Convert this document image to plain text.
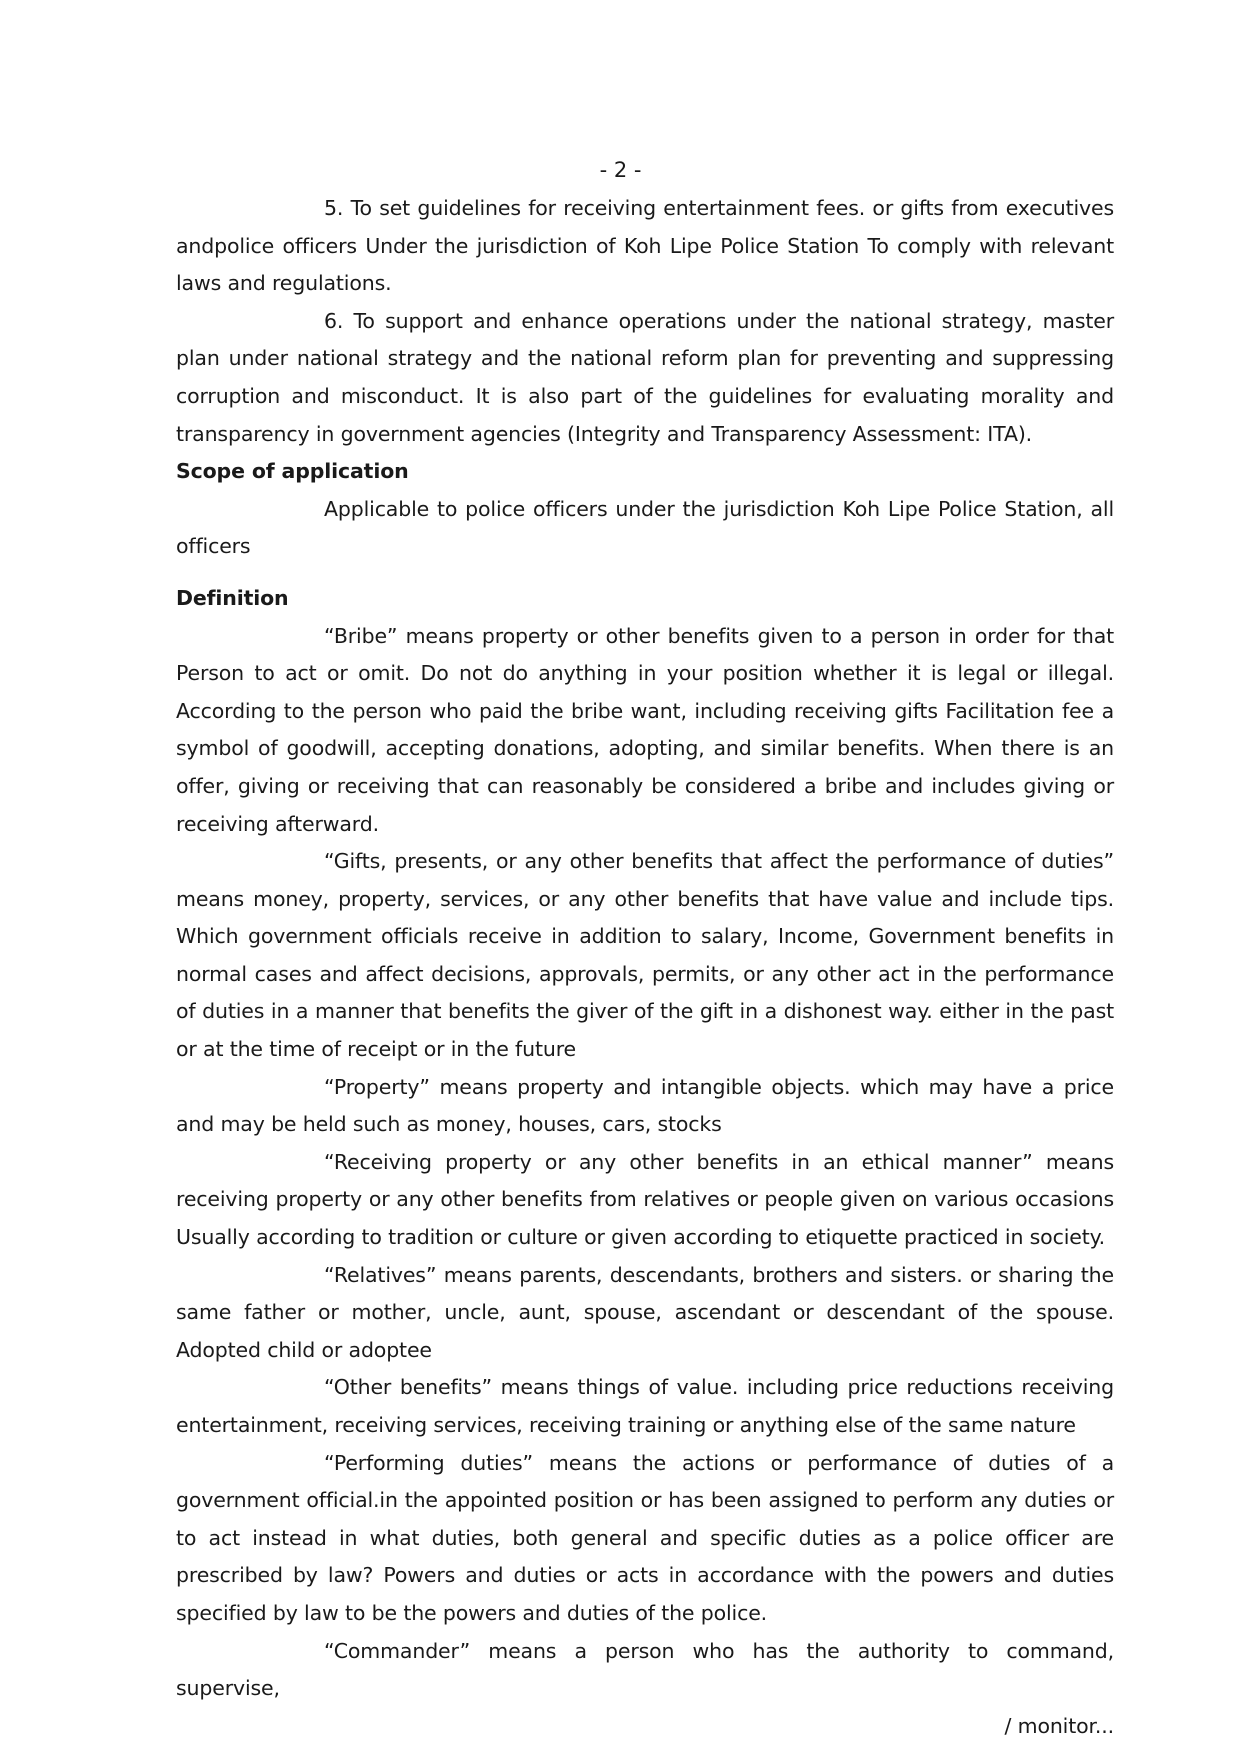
- 2 -

5. To set guidelines for receiving entertainment fees. or gifts from executives andpolice officers Under the jurisdiction of Koh Lipe Police Station To comply with relevant laws and regulations.

6. To support and enhance operations under the national strategy, master plan under national strategy and the national reform plan for preventing and suppressing corruption and misconduct. It is also part of the guidelines for evaluating morality and transparency in government agencies (Integrity and Transparency Assessment: ITA).

Scope of application

Applicable to police officers under the jurisdiction Koh Lipe Police Station, all officers

Definition

“Bribe” means property or other benefits given to a person in order for that Person to act or omit. Do not do anything in your position whether it is legal or illegal. According to the person who paid the bribe want, including receiving gifts Facilitation fee a symbol of goodwill, accepting donations, adopting, and similar benefits. When there is an offer, giving or receiving that can reasonably be considered a bribe and includes giving or receiving afterward.

“Gifts, presents, or any other benefits that affect the performance of duties” means money, property, services, or any other benefits that have value and include tips. Which government officials receive in addition to salary, Income, Government benefits in normal cases and affect decisions, approvals, permits, or any other act in the performance of duties in a manner that benefits the giver of the gift in a dishonest way. either in the past or at the time of receipt or in the future

“Property” means property and intangible objects. which may have a price and may be held such as money, houses, cars, stocks

“Receiving property or any other benefits in an ethical manner” means receiving property or any other benefits from relatives or people given on various occasions Usually according to tradition or culture or given according to etiquette practiced in society.

“Relatives” means parents, descendants, brothers and sisters. or sharing the same father or mother, uncle, aunt, spouse, ascendant or descendant of the spouse. Adopted child or adoptee

“Other benefits” means things of value. including price reductions receiving entertainment, receiving services, receiving training or anything else of the same nature

“Performing duties” means the actions or performance of duties of a government official.in the appointed position or has been assigned to perform any duties or to act instead in what duties, both general and specific duties as a police officer are prescribed by law? Powers and duties or acts in accordance with the powers and duties specified by law to be the powers and duties of the police.

“Commander” means a person who has the authority to command, supervise,

/ monitor...
